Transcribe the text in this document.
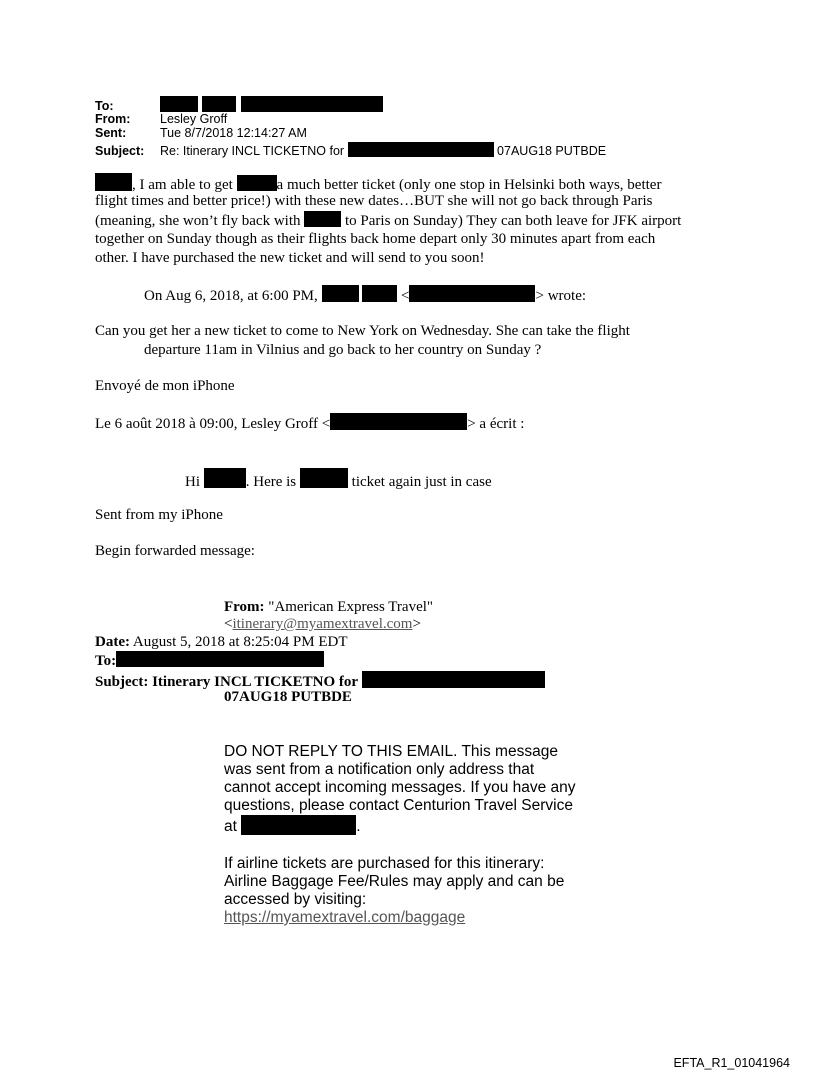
To:
From: Lesley Groff
Sent:	Tue 8/7/2018 12:14:27 AM
Subject: Re: Itinerary INCL TICKETNO for	07AUG18 PUTBDE
, I am able to get	a much better ticket (only one stop in Helsinki both ways, better
flight times and better price!) with these new dates…BUT she will not go back through Paris
(meaning, she won’t fly back with	to Paris on Sunday) They can both leave for JFK airport
together on Sunday though as their flights back home depart only 30 minutes apart from each
other. I have purchased the new ticket and will send to you soon!
On Aug 6, 2018, at 6:00 PM,	<	> wrote:
Can you get her a new ticket to come to New York on Wednesday. She can take the flight
departure 11am in Vilnius and go back to her country on Sunday ?
Envoyé de mon iPhone
Le 6 août 2018 à 09:00, Lesley Groff <	> a écrit :
Hi	. Here is	ticket again just in case
Sent from my iPhone
Begin forwarded message:
From: "American Express Travel"
<itinerary@myamextravel.com>
Date: August 5, 2018 at 8:25:04 PM EDT
To:
Subject: Itinerary INCL TICKETNO for
07AUG18 PUTBDE
DO NOT REPLY TO THIS EMAIL. This message
was sent from a notification only address that
cannot accept incoming messages. If you have any
questions, please contact Centurion Travel Service
at	.
If airline tickets are purchased for this itinerary:
Airline Baggage Fee/Rules may apply and can be
accessed by visiting:
https://myamextravel.com/baggage
EFTA_R1_01041964
